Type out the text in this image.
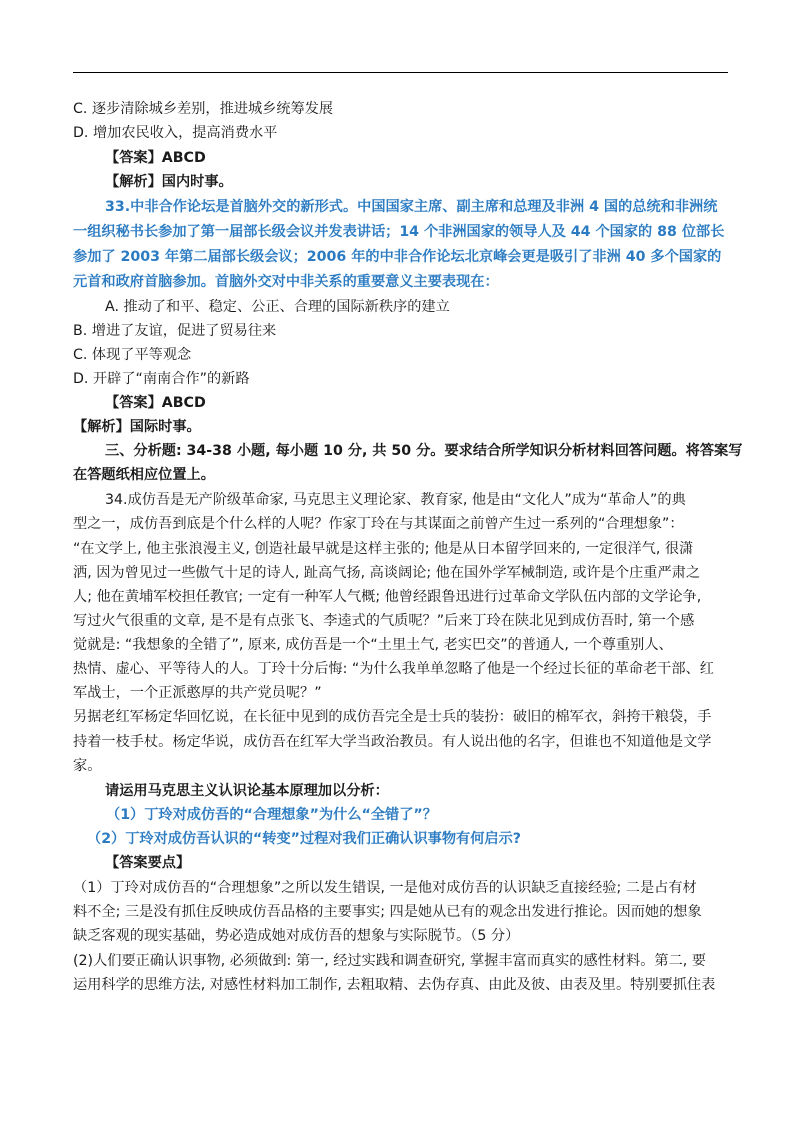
C. 逐步清除城乡差别，推进城乡统筹发展
D. 增加农民收入，提高消费水平
【答案】ABCD
【解析】国内时事。
33.中非合作论坛是首脑外交的新形式。中国国家主席、副主席和总理及非洲 4 国的总统和非洲统
一组织秘书长参加了第一届部长级会议并发表讲话；14 个非洲国家的领导人及 44 个国家的 88 位部长
参加了 2003 年第二届部长级会议；2006 年的中非合作论坛北京峰会更是吸引了非洲 40 多个国家的
元首和政府首脑参加。首脑外交对中非关系的重要意义主要表现在：
A. 推动了和平、稳定、公正、合理的国际新秩序的建立
B. 增进了友谊，促进了贸易往来
C. 体现了平等观念
D. 开辟了“南南合作”的新路
【答案】ABCD
【解析】国际时事。
三、分析题: 34-38 小题, 每小题 10 分, 共 50 分。要求结合所学知识分析材料回答问题。将答案写
在答题纸相应位置上。
34.成仿吾是无产阶级革命家, 马克思主义理论家、教育家, 他是由“文化人”成为“革命人”的典
型之一，成仿吾到底是个什么样的人呢？作家丁玲在与其谋面之前曾产生过一系列的“合理想象”：
“在文学上, 他主张浪漫主义, 创造社最早就是这样主张的; 他是从日本留学回来的, 一定很洋气, 很潇
洒, 因为曾见过一些傲气十足的诗人, 趾高气扬, 高谈阔论; 他在国外学军械制造, 或许是个庄重严肃之
人; 他在黄埔军校担任教官; 一定有一种军人气概; 他曾经跟鲁迅进行过革命文学队伍内部的文学论争,
写过火气很重的文章, 是不是有点张飞、李逵式的气质呢？”后来丁玲在陕北见到成仿吾时, 第一个感
觉就是: “我想象的全错了”, 原来, 成仿吾是一个“土里土气, 老实巴交”的普通人, 一个尊重别人、
热情、虚心、平等待人的人。丁玲十分后悔: “为什么我单单忽略了他是一个经过长征的革命老干部、红
军战士，一个正派憨厚的共产党员呢？”
另据老红军杨定华回忆说，在长征中见到的成仿吾完全是士兵的装扮：破旧的棉军衣，斜挎干粮袋，手
持着一枝手杖。杨定华说，成仿吾在红军大学当政治教员。有人说出他的名字，但谁也不知道他是文学
家。
请运用马克思主义认识论基本原理加以分析：
（1）丁玲对成仿吾的“合理想象”为什么“全错了”？
（2）丁玲对成仿吾认识的“转变”过程对我们正确认识事物有何启示?
【答案要点】
（1）丁玲对成仿吾的“合理想象”之所以发生错误, 一是他对成仿吾的认识缺乏直接经验; 二是占有材
料不全; 三是没有抓住反映成仿吾品格的主要事实; 四是她从已有的观念出发进行推论。因而她的想象
缺乏客观的现实基础，势必造成她对成仿吾的想象与实际脱节。（5 分）
(2)人们要正确认识事物, 必须做到: 第一, 经过实践和调查研究, 掌握丰富而真实的感性材料。第二, 要
运用科学的思维方法, 对感性材料加工制作, 去粗取精、去伪存真、由此及彼、由表及里。特别要抓住表
